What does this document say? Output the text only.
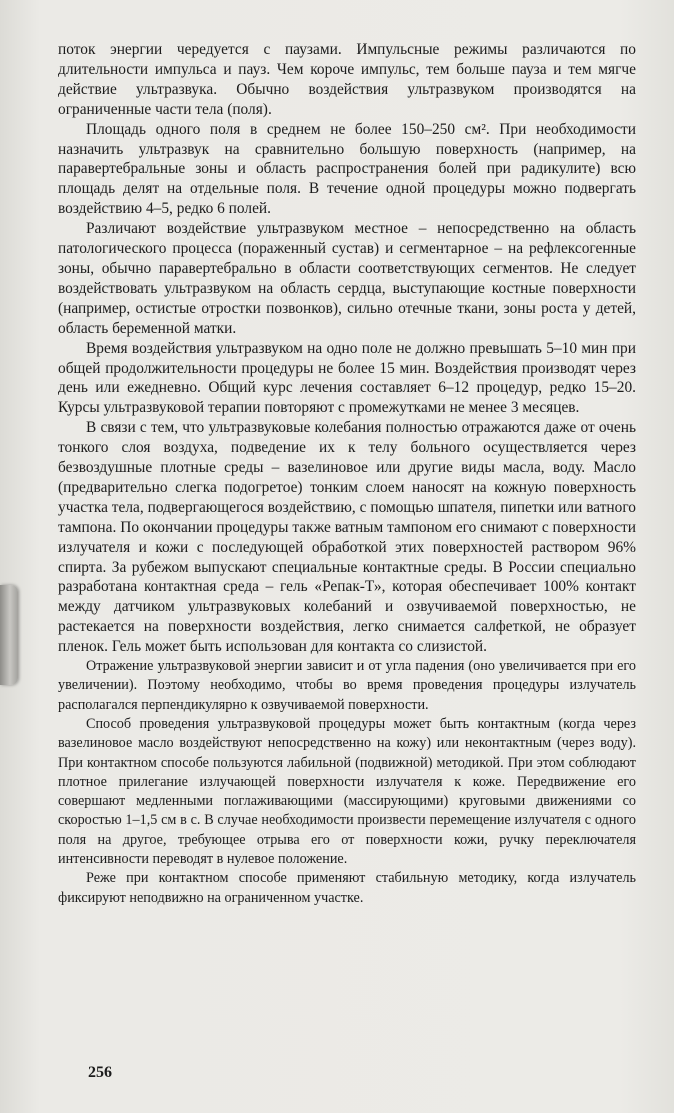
поток энергии чередуется с паузами. Импульсные режимы различаются по длительности импульса и пауз. Чем короче импульс, тем больше пауза и тем мягче действие ультразвука. Обычно воздействия ультразвуком производятся на ограниченные части тела (поля).

Площадь одного поля в среднем не более 150–250 см². При необходимости назначить ультразвук на сравнительно большую поверхность (например, на паравертебральные зоны и область распространения болей при радикулите) всю площадь делят на отдельные поля. В течение одной процедуры можно подвергать воздействию 4–5, редко 6 полей.

Различают воздействие ультразвуком местное – непосредственно на область патологического процесса (пораженный сустав) и сегментарное – на рефлексогенные зоны, обычно паравертебрально в области соответствующих сегментов. Не следует воздействовать ультразвуком на область сердца, выступающие костные поверхности (например, остистые отростки позвонков), сильно отечные ткани, зоны роста у детей, область беременной матки.

Время воздействия ультразвуком на одно поле не должно превышать 5–10 мин при общей продолжительности процедуры не более 15 мин. Воздействия производят через день или ежедневно. Общий курс лечения составляет 6–12 процедур, редко 15–20. Курсы ультразвуковой терапии повторяют с промежутками не менее 3 месяцев.

В связи с тем, что ультразвуковые колебания полностью отражаются даже от очень тонкого слоя воздуха, подведение их к телу больного осуществляется через безвоздушные плотные среды – вазелиновое или другие виды масла, воду. Масло (предварительно слегка подогретое) тонким слоем наносят на кожную поверхность участка тела, подвергающегося воздействию, с помощью шпателя, пипетки или ватного тампона. По окончании процедуры также ватным тампоном его снимают с поверхности излучателя и кожи с последующей обработкой этих поверхностей раствором 96% спирта. За рубежом выпускают специальные контактные среды. В России специально разработана контактная среда – гель «Репак-Т», которая обеспечивает 100% контакт между датчиком ультразвуковых колебаний и озвучиваемой поверхностью, не растекается на поверхности воздействия, легко снимается салфеткой, не образует пленок. Гель может быть использован для контакта со слизистой.

Отражение ультразвуковой энергии зависит и от угла падения (оно увеличивается при его увеличении). Поэтому необходимо, чтобы во время проведения процедуры излучатель располагался перпендикулярно к озвучиваемой поверхности.

Способ проведения ультразвуковой процедуры может быть контактным (когда через вазелиновое масло воздействуют непосредственно на кожу) или неконтактным (через воду). При контактном способе пользуются лабильной (подвижной) методикой. При этом соблюдают плотное прилегание излучающей поверхности излучателя к коже. Передвижение его совершают медленными поглаживающими (массирующими) круговыми движениями со скоростью 1–1,5 см в с. В случае необходимости произвести перемещение излучателя с одного поля на другое, требующее отрыва его от поверхности кожи, ручку переключателя интенсивности переводят в нулевое положение.

Реже при контактном способе применяют стабильную методику, когда излучатель фиксируют неподвижно на ограниченном участке.

256
